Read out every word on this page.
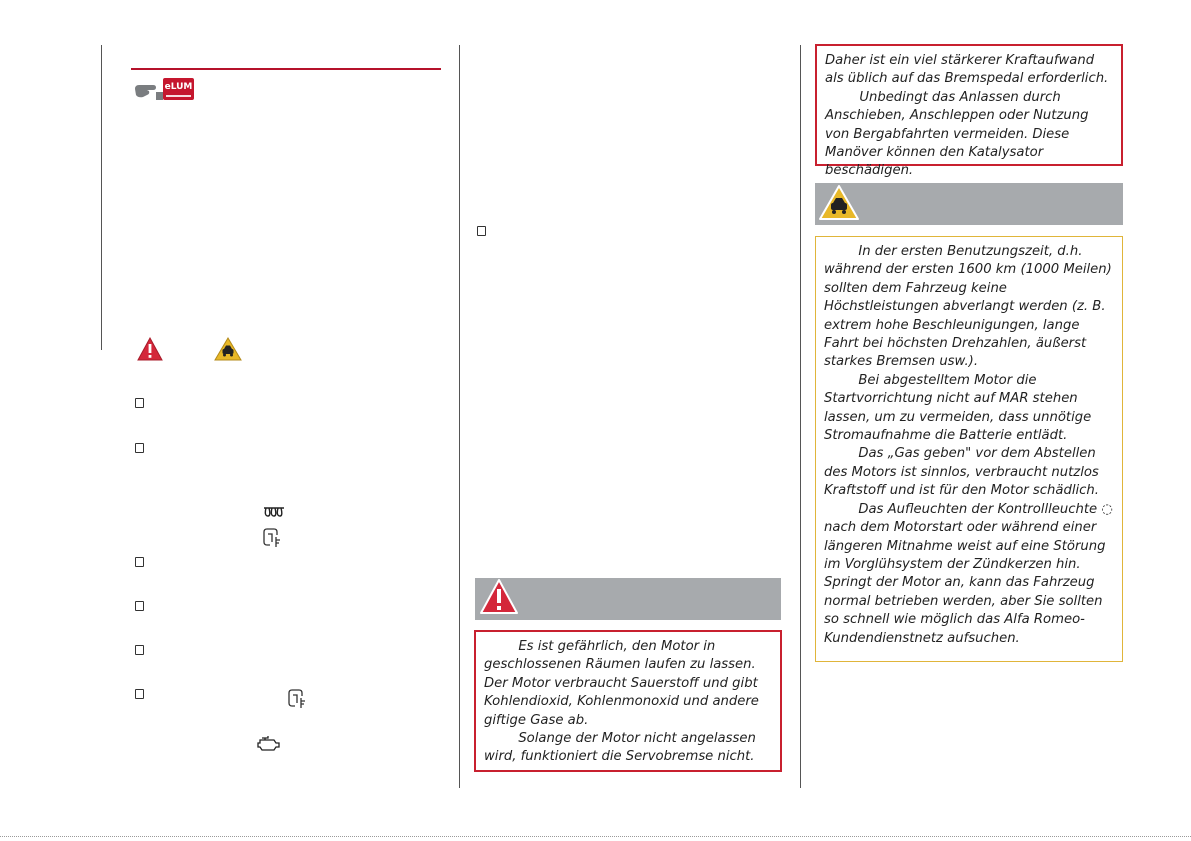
eLUM

Es ist gefährlich, den Motor in geschlossenen Räumen laufen zu lassen. Der Motor verbraucht Sauerstoff und gibt Kohlendioxid, Kohlenmonoxid und andere giftige Gase ab.

Solange der Motor nicht angelassen wird, funktioniert die Servobremse nicht.

Daher ist ein viel stärkerer Kraftaufwand als üblich auf das Bremspedal erforderlich.

Unbedingt das Anlassen durch Anschieben, Anschleppen oder Nutzung von Bergabfahrten vermeiden. Diese Manöver können den Katalysator beschädigen.

In der ersten Benutzungszeit, d.h. während der ersten 1600 km (1000 Meilen) sollten dem Fahrzeug keine Höchstleistungen abverlangt werden (z. B. extrem hohe Beschleunigungen, lange Fahrt bei höchsten Drehzahlen, äußerst starkes Bremsen usw.).

Bei abgestelltem Motor die Startvorrichtung nicht auf MAR stehen lassen, um zu vermeiden, dass unnötige Stromaufnahme die Batterie entlädt.

Das „Gas geben" vor dem Abstellen des Motors ist sinnlos, verbraucht nutzlos Kraftstoff und ist für den Motor schädlich.

Das Aufleuchten der Kontrollleuchte ◌ nach dem Motorstart oder während einer längeren Mitnahme weist auf eine Störung im Vorglühsystem der Zündkerzen hin. Springt der Motor an, kann das Fahrzeug normal betrieben werden, aber Sie sollten so schnell wie möglich das Alfa Romeo-Kundendienstnetz aufsuchen.
